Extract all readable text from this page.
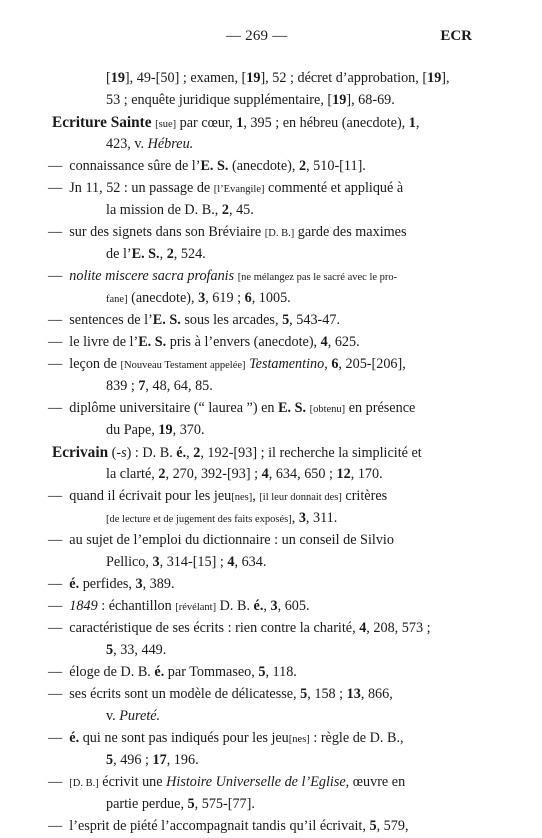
— 269 —	ECR
[19], 49-[50] ; examen, [19], 52 ; décret d’approbation, [19],
53 ; enquête juridique supplémentaire, [19], 68-69.
Ecriture Sainte [sue] par cœur, 1, 395 ; en hébreu (anecdote), 1,
423, v. Hébreu.
—  connaissance sûre de l’E. S. (anecdote), 2, 510-[11].
—  Jn 11, 52 : un passage de [l’Evangile] commenté et appliqué à
la mission de D. B., 2, 45.
—  sur des signets dans son Bréviaire [D. B.] garde des maximes
de l’E. S., 2, 524.
—  nolite miscere sacra profanis [ne mélangez pas le sacré avec le pro-
fane] (anecdote), 3, 619 ; 6, 1005.
—  sentences de l’E. S. sous les arcades, 5, 543-47.
—  le livre de l’E. S. pris à l’envers (anecdote), 4, 625.
—  leçon de [Nouveau Testament appelée] Testamentino, 6, 205-[206],
839 ; 7, 48, 64, 85.
—  diplôme universitaire (“ laurea ”) en E. S. [obtenu] en présence
du Pape, 19, 370.
Ecrivain (-s) : D. B. é., 2, 192-[93] ; il recherche la simplicité et
la clarté, 2, 270, 392-[93] ; 4, 634, 650 ; 12, 170.
—  quand il écrivait pour les jeu[nes], [il leur donnait des] critères
[de lecture et de jugement des faits exposés], 3, 311.
—  au sujet de l’emploi du dictionnaire : un conseil de Silvio
Pellico, 3, 314-[15] ; 4, 634.
—  é. perfides, 3, 389.
—  1849 : échantillon [révélant] D. B. é., 3, 605.
—  caractéristique de ses écrits : rien contre la charité, 4, 208, 573 ;
5, 33, 449.
—  éloge de D. B. é. par Tommaseo, 5, 118.
—  ses écrits sont un modèle de délicatesse, 5, 158 ; 13, 866,
v. Pureté.
—  é. qui ne sont pas indiqués pour les jeu[nes] : règle de D. B.,
5, 496 ; 17, 196.
—  [D. B.] écrivit une Histoire Universelle de l’Eglise, œuvre en
partie perdue, 5, 575-[77].
—  l’esprit de piété l’accompagnait tandis qu’il écrivait, 5, 579,
